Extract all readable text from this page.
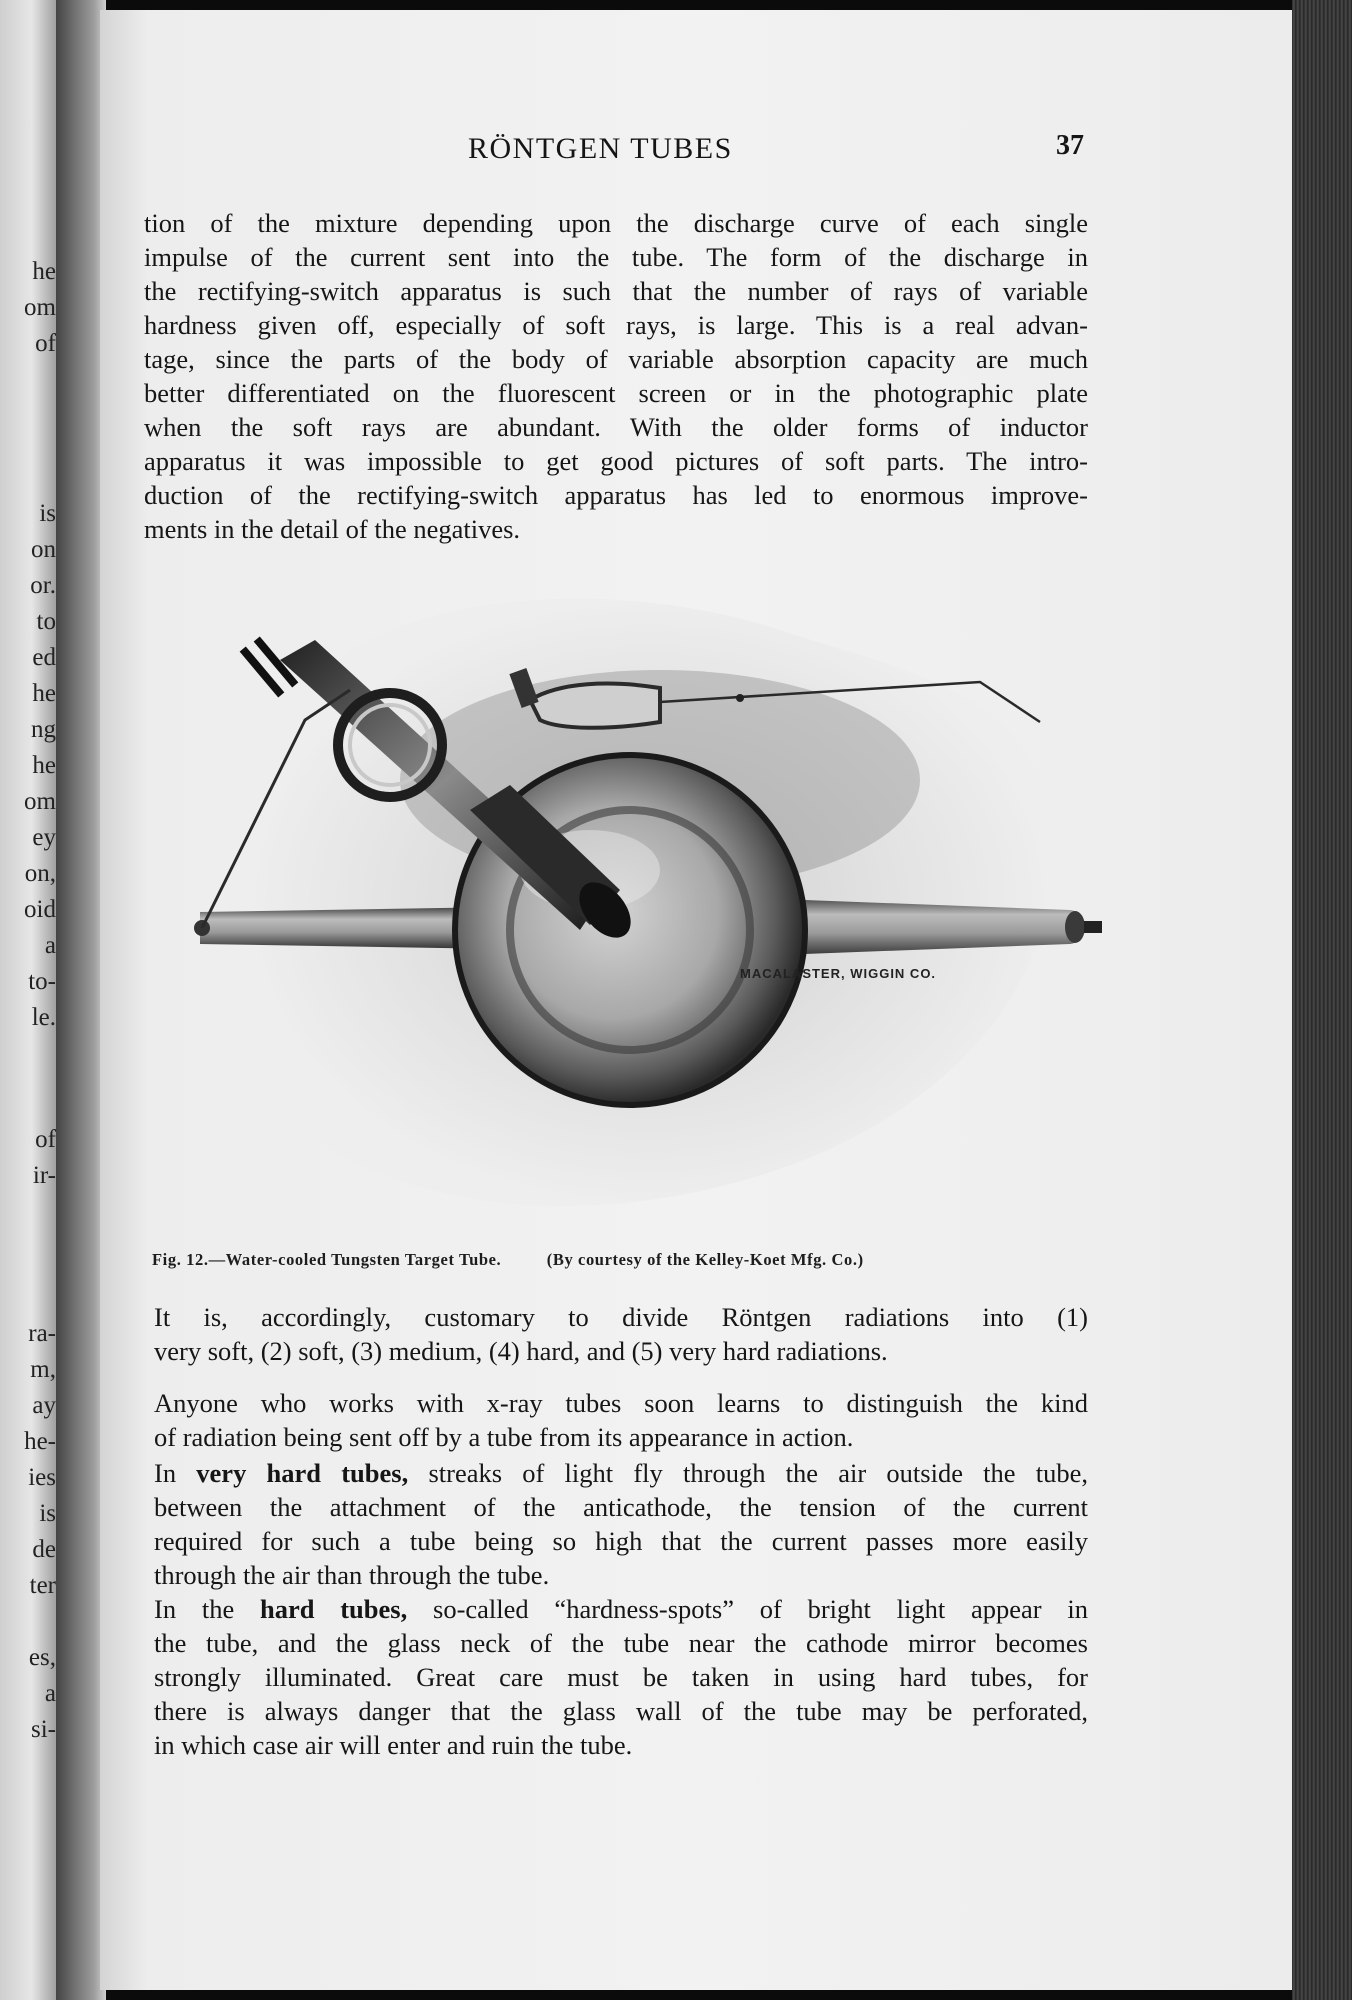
he
om
of
is
on
or.
to
ed
he
ng
he
om
ey
on,
oid
a
to-
le.
of
ir-
ra-
m,
ay
he-
ies
is
de
ter
es,
a
si-
RÖNTGEN TUBES	37

tion of the mixture depending upon the discharge curve of each single
impulse of the current sent into the tube. The form of the discharge in
the rectifying-switch apparatus is such that the number of rays of variable
hardness given off, especially of soft rays, is large. This is a real advan-
tage, since the parts of the body of variable absorption capacity are much
better differentiated on the fluorescent screen or in the photographic plate
when the soft rays are abundant. With the older forms of inductor
apparatus it was impossible to get good pictures of soft parts. The intro-
duction of the rectifying-switch apparatus has led to enormous improve-
ments in the detail of the negatives.

MACALASTER, WIGGIN CO.
Fig. 12.—Water-cooled Tungsten Target Tube.	(By courtesy of the Kelley-Koet Mfg. Co.)

It is, accordingly, customary to divide Röntgen radiations into (1)
very soft, (2) soft, (3) medium, (4) hard, and (5) very hard radiations.

Anyone who works with x-ray tubes soon learns to distinguish the kind
of radiation being sent off by a tube from its appearance in action.

In very hard tubes, streaks of light fly through the air outside the tube,
between the attachment of the anticathode, the tension of the current
required for such a tube being so high that the current passes more easily
through the air than through the tube.

In the hard tubes, so-called “hardness-spots” of bright light appear in
the tube, and the glass neck of the tube near the cathode mirror becomes
strongly illuminated. Great care must be taken in using hard tubes, for
there is always danger that the glass wall of the tube may be perforated,
in which case air will enter and ruin the tube.
